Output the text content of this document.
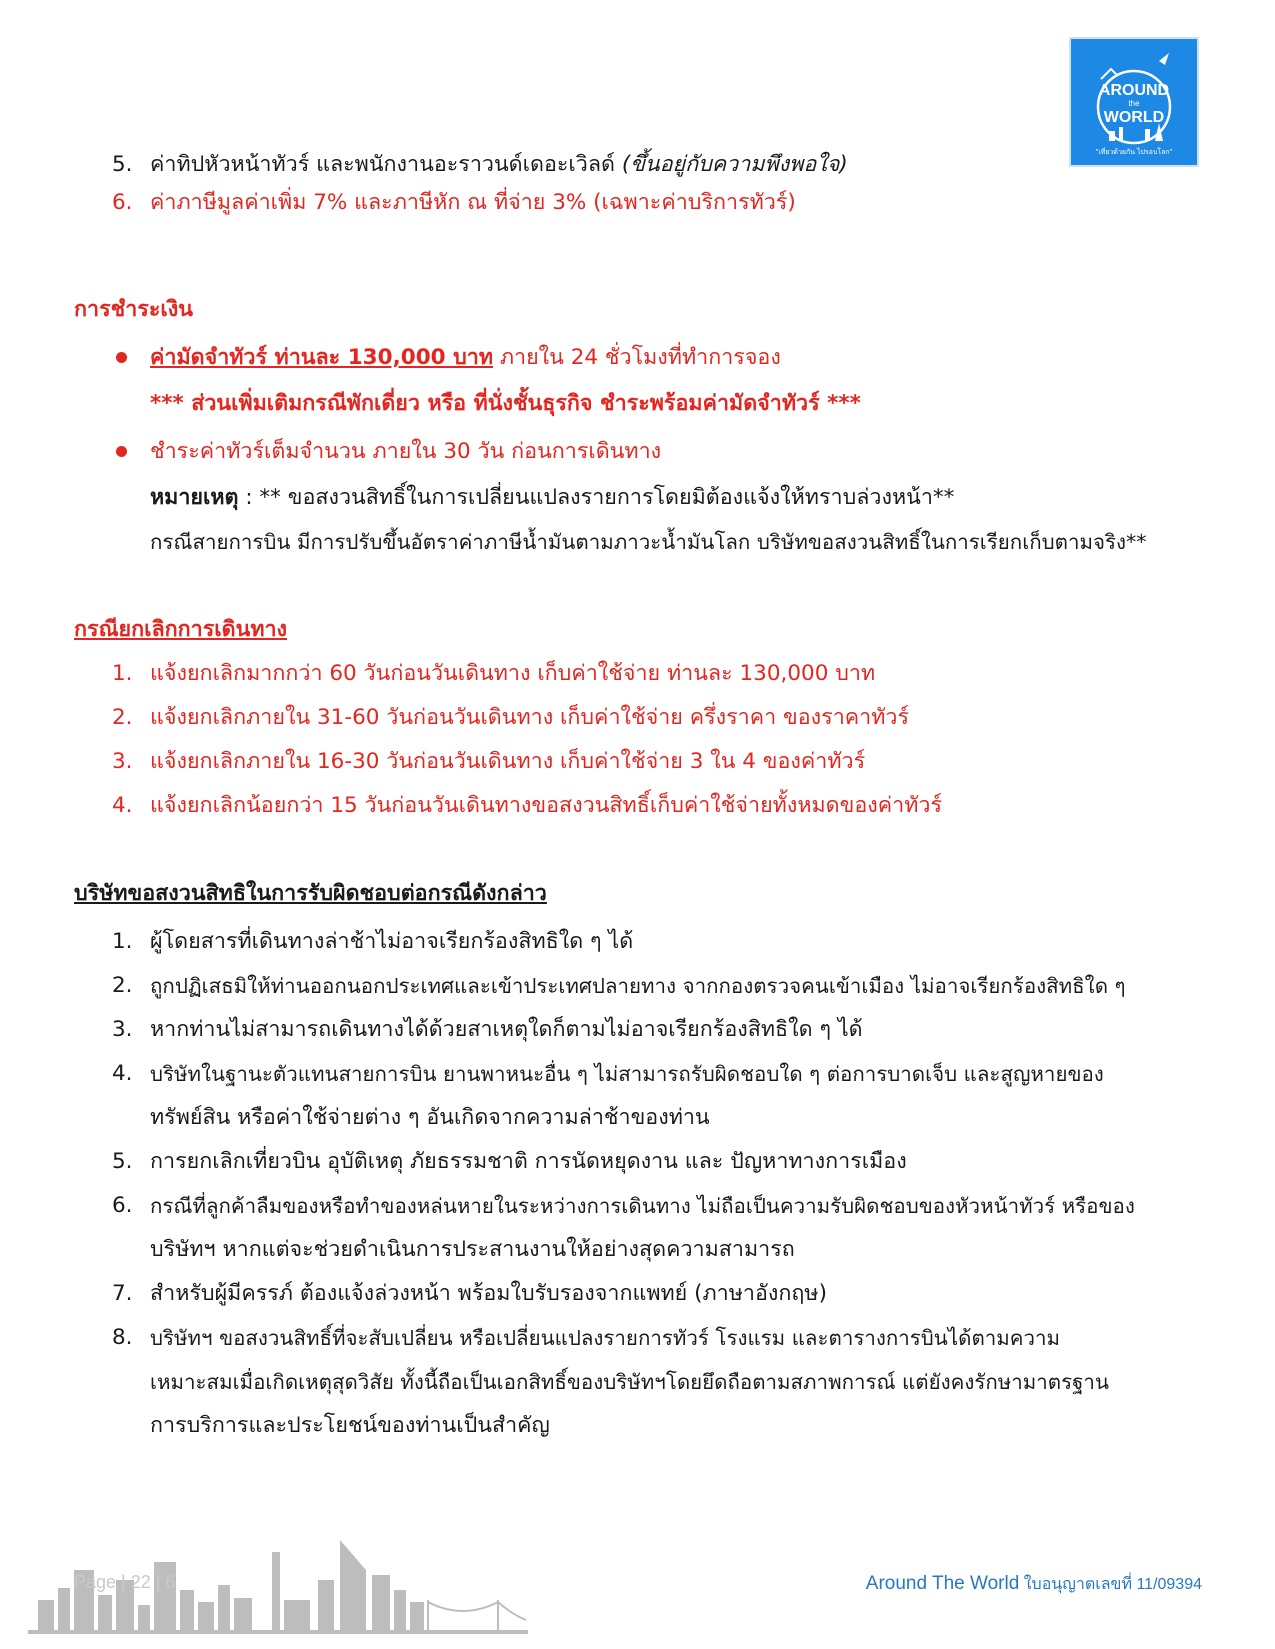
AROUND
the
WORLD
"เที่ยวด้วยกัน ไปรอบโลก"
5. ค่าทิปหัวหน้าทัวร์ และพนักงานอะราวนด์เดอะเวิลด์ (ขึ้นอยู่กับความพึงพอใจ)
6. ค่าภาษีมูลค่าเพิ่ม 7% และภาษีหัก ณ ที่จ่าย 3% (เฉพาะค่าบริการทัวร์)
การชำระเงิน
ค่ามัดจำทัวร์ ท่านละ 130,000 บาท ภายใน 24 ชั่วโมงที่ทำการจอง
*** ส่วนเพิ่มเติมกรณีพักเดี่ยว หรือ ที่นั่งชั้นธุรกิจ ชำระพร้อมค่ามัดจำทัวร์ ***
ชำระค่าทัวร์เต็มจำนวน ภายใน 30 วัน ก่อนการเดินทาง
หมายเหตุ : ** ขอสงวนสิทธิ์ในการเปลี่ยนแปลงรายการโดยมิต้องแจ้งให้ทราบล่วงหน้า**
กรณีสายการบิน มีการปรับขึ้นอัตราค่าภาษีน้ำมันตามภาวะน้ำมันโลก บริษัทขอสงวนสิทธิ์ในการเรียกเก็บตามจริง**
กรณียกเลิกการเดินทาง
1. แจ้งยกเลิกมากกว่า 60 วันก่อนวันเดินทาง เก็บค่าใช้จ่าย ท่านละ 130,000 บาท
2. แจ้งยกเลิกภายใน 31-60 วันก่อนวันเดินทาง เก็บค่าใช้จ่าย ครึ่งราคา ของราคาทัวร์
3. แจ้งยกเลิกภายใน 16-30 วันก่อนวันเดินทาง เก็บค่าใช้จ่าย 3 ใน 4 ของค่าทัวร์
4. แจ้งยกเลิกน้อยกว่า 15 วันก่อนวันเดินทางขอสงวนสิทธิ์เก็บค่าใช้จ่ายทั้งหมดของค่าทัวร์
บริษัทขอสงวนสิทธิในการรับผิดชอบต่อกรณีดังกล่าว
1. ผู้โดยสารที่เดินทางล่าช้าไม่อาจเรียกร้องสิทธิใด ๆ ได้
2. ถูกปฏิเสธมิให้ท่านออกนอกประเทศและเข้าประเทศปลายทาง จากกองตรวจคนเข้าเมือง ไม่อาจเรียกร้องสิทธิใด ๆ
3. หากท่านไม่สามารถเดินทางได้ด้วยสาเหตุใดก็ตามไม่อาจเรียกร้องสิทธิใด ๆ ได้
4. บริษัทในฐานะตัวแทนสายการบิน ยานพาหนะอื่น ๆ ไม่สามารถรับผิดชอบใด ๆ ต่อการบาดเจ็บ และสูญหายของ
ทรัพย์สิน หรือค่าใช้จ่ายต่าง ๆ อันเกิดจากความล่าช้าของท่าน
5. การยกเลิกเที่ยวบิน อุบัติเหตุ ภัยธรรมชาติ การนัดหยุดงาน และ ปัญหาทางการเมือง
6. กรณีที่ลูกค้าลืมของหรือทำของหล่นหายในระหว่างการเดินทาง ไม่ถือเป็นความรับผิดชอบของหัวหน้าทัวร์ หรือของ
บริษัทฯ หากแต่จะช่วยดำเนินการประสานงานให้อย่างสุดความสามารถ
7. สำหรับผู้มีครรภ์ ต้องแจ้งล่วงหน้า พร้อมใบรับรองจากแพทย์ (ภาษาอังกฤษ)
8. บริษัทฯ ขอสงวนสิทธิ์ที่จะสับเปลี่ยน หรือเปลี่ยนแปลงรายการทัวร์ โรงแรม และตารางการบินได้ตามความ
เหมาะสมเมื่อเกิดเหตุสุดวิสัย ทั้งนี้ถือเป็นเอกสิทธิ์ของบริษัทฯโดยยึดถือตามสภาพการณ์ แต่ยังคงรักษามาตรฐาน
การบริการและประโยชน์ของท่านเป็นสำคัญ
Page | 22 | 6	Around The World ใบอนุญาตเลขที่ 11/09394
